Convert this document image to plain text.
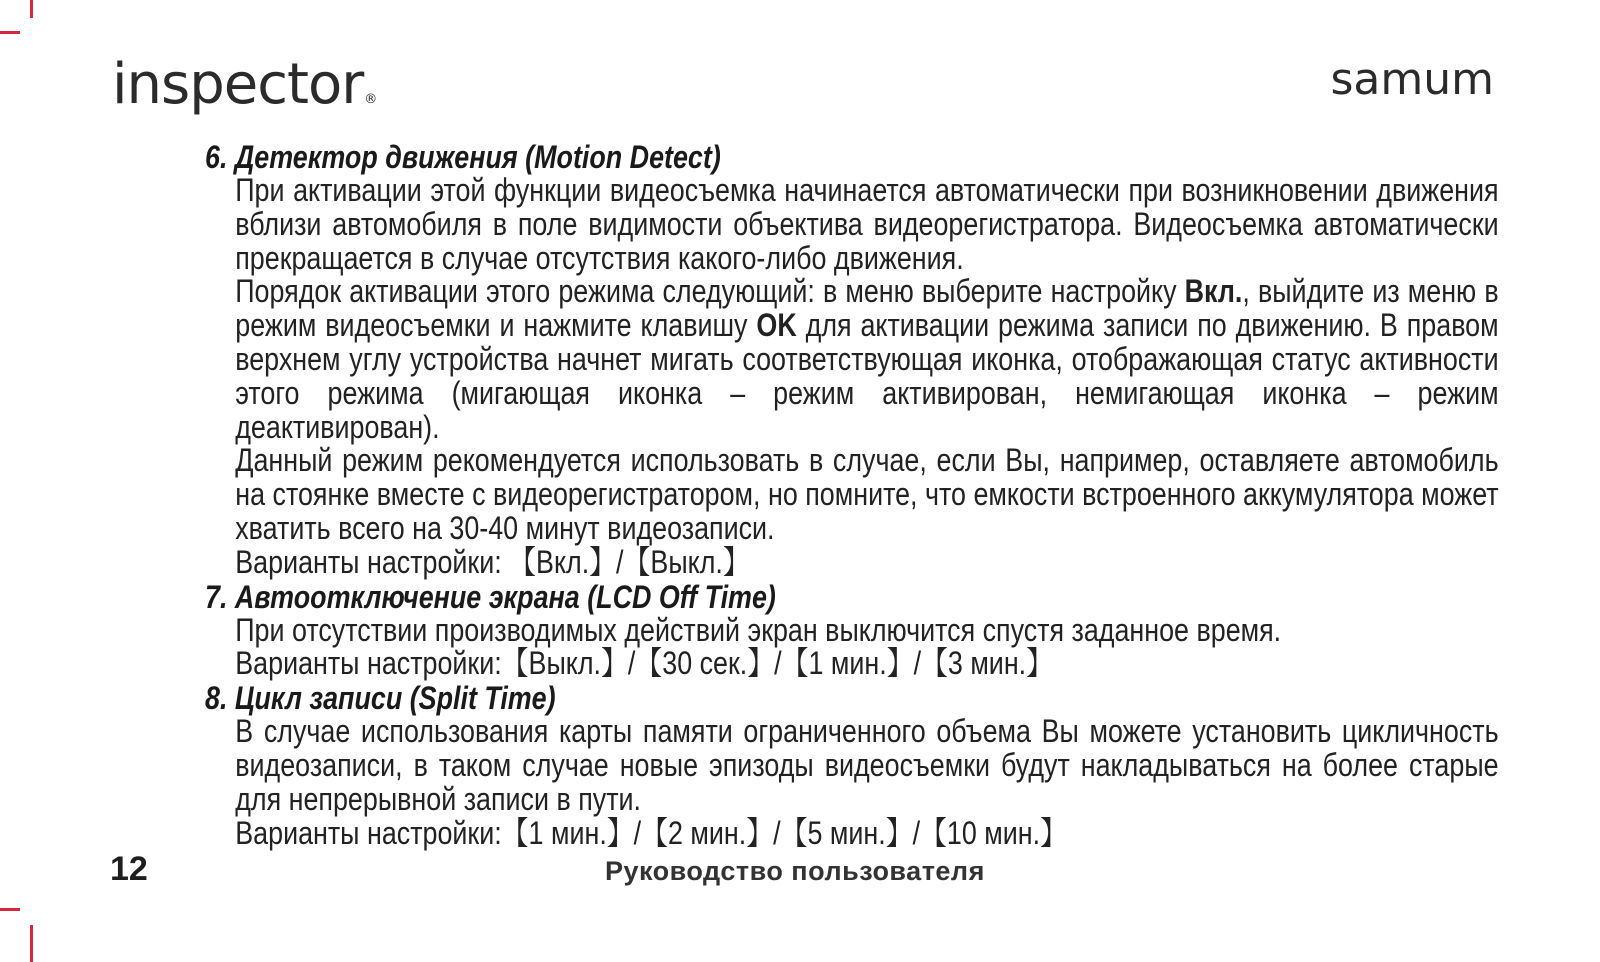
inspector®	samum

6. Детектор движения (Motion Detect)

При активации этой функции видеосъемка начинается автоматически при возникновении движения вблизи автомобиля в поле видимости объектива видеорегистратора. Видеосъемка автоматически прекращается в случае отсутствия какого-либо движения.

Порядок активации этого режима следующий: в меню выберите настройку Вкл., выйдите из меню в режим видеосъемки и нажмите клавишу OK для активации режима записи по движению. В правом верхнем углу устройства начнет мигать соответствующая иконка, отображающая статус активности этого режима (мигающая иконка – режим активирован, немигающая иконка – режим деактивирован).

Данный режим рекомендуется использовать в случае, если Вы, например, оставляете автомобиль на стоянке вместе с видеорегистратором, но помните, что емкости встроенного аккумулятора может хватить всего на 30-40 минут видеозаписи.

Варианты настройки: 【Вкл.】/【Выкл.】

7. Автоотключение экрана (LCD Off Time)

При отсутствии производимых действий экран выключится спустя заданное время.

Варианты настройки:【Выкл.】/【30 сек.】/【1 мин.】/【3 мин.】

8. Цикл записи (Split Time)

В случае использования карты памяти ограниченного объема Вы можете установить цикличность видеозаписи, в таком случае новые эпизоды видеосъемки будут накладываться на более старые для непрерывной записи в пути.

Варианты настройки:【1 мин.】/【2 мин.】/【5 мин.】/【10 мин.】

12	Руководство пользователя
